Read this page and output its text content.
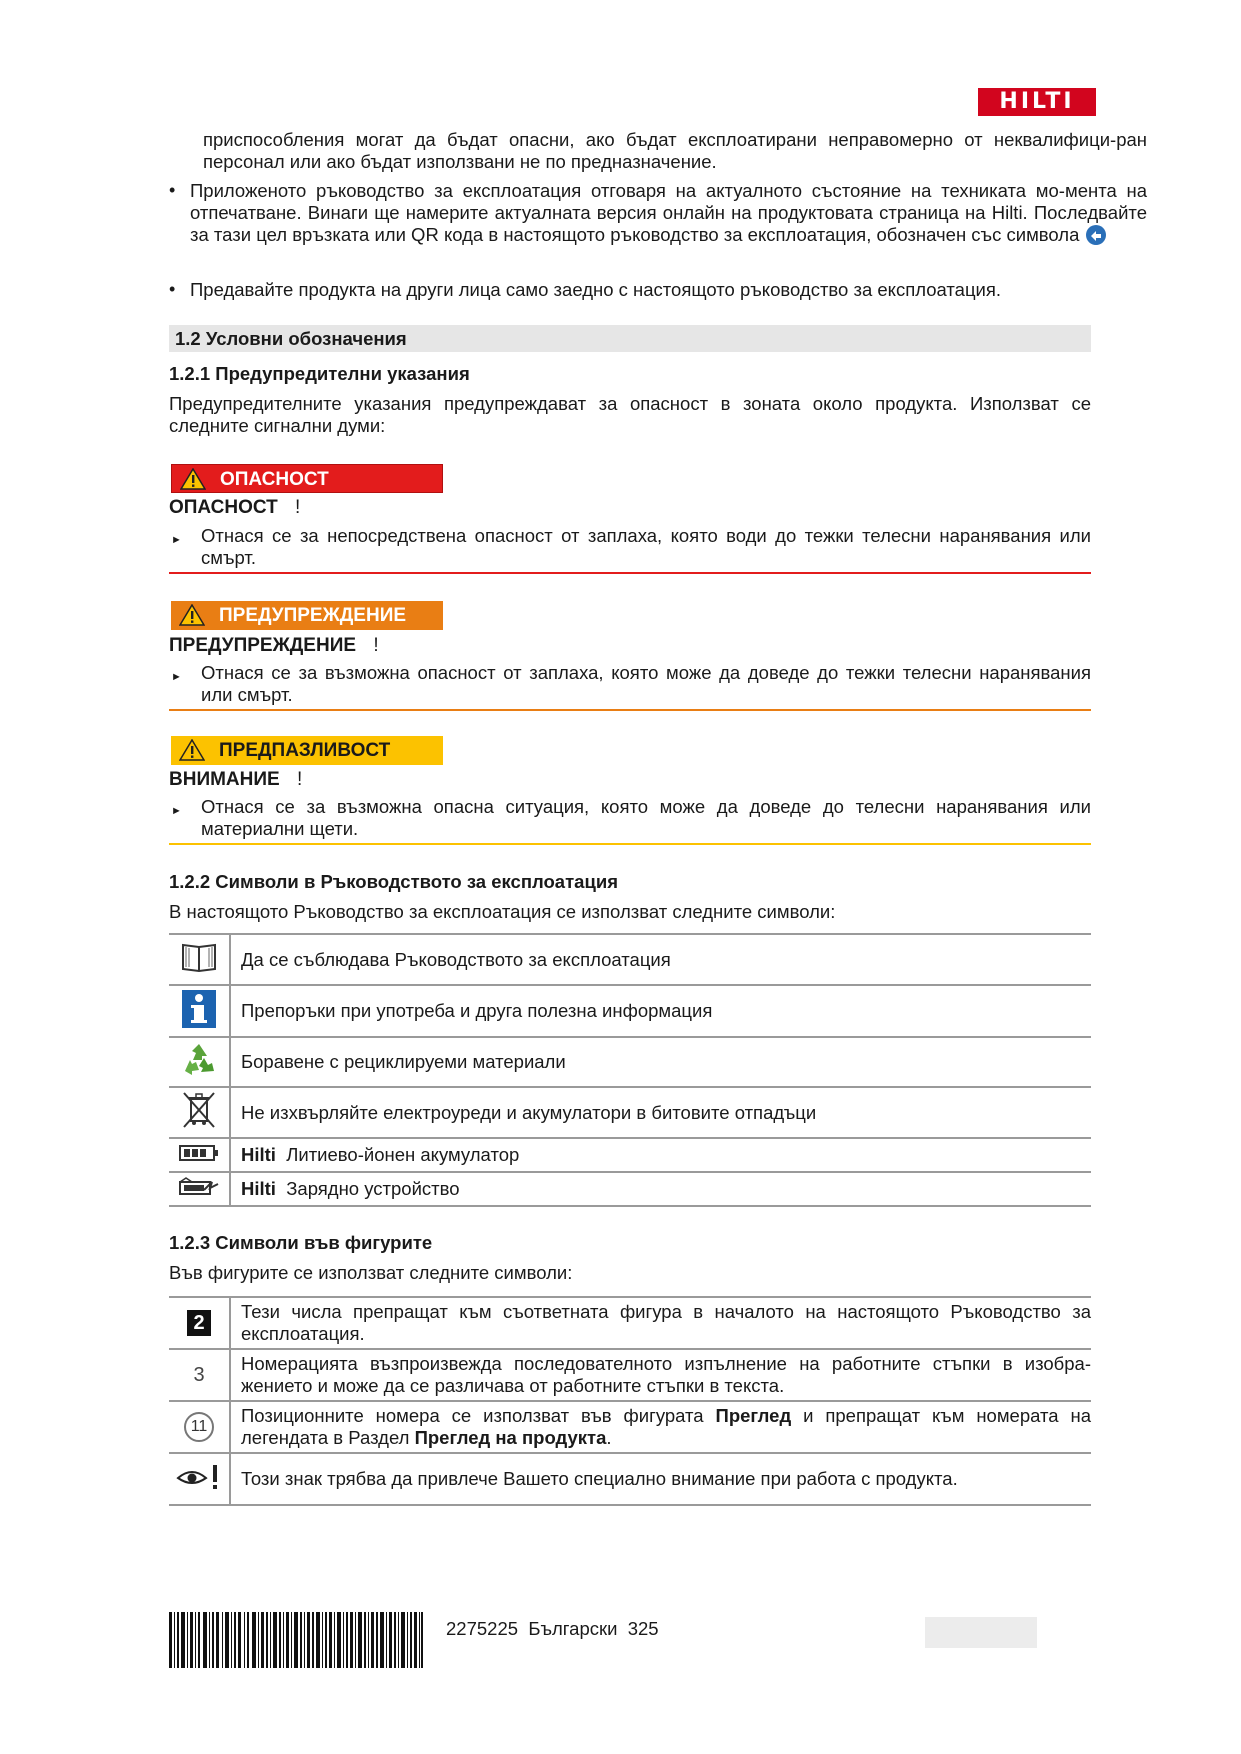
HILTI
приспособления могат да бъдат опасни, ако бъдат експлоатирани неправомерно от неквалифици-ран персонал или ако бъдат използвани не по предназначение.
• Приложеното ръководство за експлоатация отговаря на актуалното състояние на техниката мо-мента на отпечатване. Винаги ще намерите актуалната версия онлайн на продуктовата страница на Hilti. Последвайте за тази цел връзката или QR кода в настоящото ръководство за експлоатация, обозначен със символа
• Предавайте продукта на други лица само заедно с настоящото ръководство за експлоатация.
1.2 Условни обозначения
1.2.1 Предупредителни указания
Предупредителните указания предупреждават за опасност в зоната около продукта. Използват се следните сигнални думи:
ОПАСНОСТ
ОПАСНОСТ !
► Отнася се за непосредствена опасност от заплаха, която води до тежки телесни наранявания или смърт.
ПРЕДУПРЕЖДЕНИЕ
ПРЕДУПРЕЖДЕНИЕ !
► Отнася се за възможна опасност от заплаха, която може да доведе до тежки телесни наранявания или смърт.
ПРЕДПАЗЛИВОСТ
ВНИМАНИЕ !
► Отнася се за възможна опасна ситуация, която може да доведе до телесни наранявания или материални щети.
1.2.2 Символи в Ръководството за експлоатация
В настоящото Ръководство за експлоатация се използват следните символи:
	Да се съблюдава Ръководството за експлоатация
	Препоръки при употреба и друга полезна информация
	Боравене с рециклируеми материали
	Не изхвърляйте електроуреди и акумулатори в битовите отпадъци
	Hilti Литиево-йонен акумулатор
	Hilti Зарядно устройство
1.2.3 Символи във фигурите
Във фигурите се използват следните символи:
2	Тези числа препращат към съответната фигура в началото на настоящото Ръководство за експлоатация.
3	Номерацията възпроизвежда последователното изпълнение на работните стъпки в изобра-жението и може да се различава от работните стъпки в текста.
11	Позиционните номера се използват във фигурата Преглед и препращат към номерата на легендата в Раздел Преглед на продукта.
	Този знак трябва да привлече Вашето специално внимание при работа с продукта.
2275225 Български 325
